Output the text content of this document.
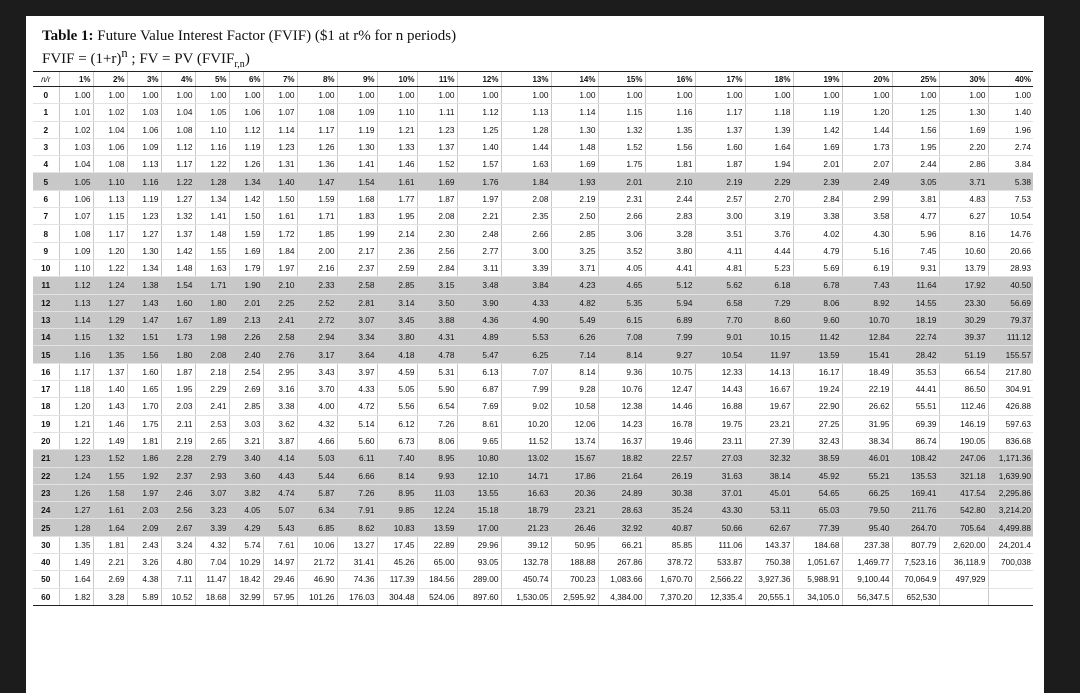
Table 1: Future Value Interest Factor (FVIF) ($1 at r% for n periods)
FVIF = $(1+r)^n$ ; FV = PV $(FVIF_{r,n})$
n/r	1%	2%	3%	4%	5%	6%	7%	8%	9%	10%	11%	12%	13%	14%	15%	16%	17%	18%	19%	20%	25%	30%	40%
0	1.00	1.00	1.00	1.00	1.00	1.00	1.00	1.00	1.00	1.00	1.00	1.00	1.00	1.00	1.00	1.00	1.00	1.00	1.00	1.00	1.00	1.00	1.00
1	1.01	1.02	1.03	1.04	1.05	1.06	1.07	1.08	1.09	1.10	1.11	1.12	1.13	1.14	1.15	1.16	1.17	1.18	1.19	1.20	1.25	1.30	1.40
2	1.02	1.04	1.06	1.08	1.10	1.12	1.14	1.17	1.19	1.21	1.23	1.25	1.28	1.30	1.32	1.35	1.37	1.39	1.42	1.44	1.56	1.69	1.96
3	1.03	1.06	1.09	1.12	1.16	1.19	1.23	1.26	1.30	1.33	1.37	1.40	1.44	1.48	1.52	1.56	1.60	1.64	1.69	1.73	1.95	2.20	2.74
4	1.04	1.08	1.13	1.17	1.22	1.26	1.31	1.36	1.41	1.46	1.52	1.57	1.63	1.69	1.75	1.81	1.87	1.94	2.01	2.07	2.44	2.86	3.84
5	1.05	1.10	1.16	1.22	1.28	1.34	1.40	1.47	1.54	1.61	1.69	1.76	1.84	1.93	2.01	2.10	2.19	2.29	2.39	2.49	3.05	3.71	5.38
6	1.06	1.13	1.19	1.27	1.34	1.42	1.50	1.59	1.68	1.77	1.87	1.97	2.08	2.19	2.31	2.44	2.57	2.70	2.84	2.99	3.81	4.83	7.53
7	1.07	1.15	1.23	1.32	1.41	1.50	1.61	1.71	1.83	1.95	2.08	2.21	2.35	2.50	2.66	2.83	3.00	3.19	3.38	3.58	4.77	6.27	10.54
8	1.08	1.17	1.27	1.37	1.48	1.59	1.72	1.85	1.99	2.14	2.30	2.48	2.66	2.85	3.06	3.28	3.51	3.76	4.02	4.30	5.96	8.16	14.76
9	1.09	1.20	1.30	1.42	1.55	1.69	1.84	2.00	2.17	2.36	2.56	2.77	3.00	3.25	3.52	3.80	4.11	4.44	4.79	5.16	7.45	10.60	20.66
10	1.10	1.22	1.34	1.48	1.63	1.79	1.97	2.16	2.37	2.59	2.84	3.11	3.39	3.71	4.05	4.41	4.81	5.23	5.69	6.19	9.31	13.79	28.93
11	1.12	1.24	1.38	1.54	1.71	1.90	2.10	2.33	2.58	2.85	3.15	3.48	3.84	4.23	4.65	5.12	5.62	6.18	6.78	7.43	11.64	17.92	40.50
12	1.13	1.27	1.43	1.60	1.80	2.01	2.25	2.52	2.81	3.14	3.50	3.90	4.33	4.82	5.35	5.94	6.58	7.29	8.06	8.92	14.55	23.30	56.69
13	1.14	1.29	1.47	1.67	1.89	2.13	2.41	2.72	3.07	3.45	3.88	4.36	4.90	5.49	6.15	6.89	7.70	8.60	9.60	10.70	18.19	30.29	79.37
14	1.15	1.32	1.51	1.73	1.98	2.26	2.58	2.94	3.34	3.80	4.31	4.89	5.53	6.26	7.08	7.99	9.01	10.15	11.42	12.84	22.74	39.37	111.12
15	1.16	1.35	1.56	1.80	2.08	2.40	2.76	3.17	3.64	4.18	4.78	5.47	6.25	7.14	8.14	9.27	10.54	11.97	13.59	15.41	28.42	51.19	155.57
16	1.17	1.37	1.60	1.87	2.18	2.54	2.95	3.43	3.97	4.59	5.31	6.13	7.07	8.14	9.36	10.75	12.33	14.13	16.17	18.49	35.53	66.54	217.80
17	1.18	1.40	1.65	1.95	2.29	2.69	3.16	3.70	4.33	5.05	5.90	6.87	7.99	9.28	10.76	12.47	14.43	16.67	19.24	22.19	44.41	86.50	304.91
18	1.20	1.43	1.70	2.03	2.41	2.85	3.38	4.00	4.72	5.56	6.54	7.69	9.02	10.58	12.38	14.46	16.88	19.67	22.90	26.62	55.51	112.46	426.88
19	1.21	1.46	1.75	2.11	2.53	3.03	3.62	4.32	5.14	6.12	7.26	8.61	10.20	12.06	14.23	16.78	19.75	23.21	27.25	31.95	69.39	146.19	597.63
20	1.22	1.49	1.81	2.19	2.65	3.21	3.87	4.66	5.60	6.73	8.06	9.65	11.52	13.74	16.37	19.46	23.11	27.39	32.43	38.34	86.74	190.05	836.68
21	1.23	1.52	1.86	2.28	2.79	3.40	4.14	5.03	6.11	7.40	8.95	10.80	13.02	15.67	18.82	22.57	27.03	32.32	38.59	46.01	108.42	247.06	1,171.36
22	1.24	1.55	1.92	2.37	2.93	3.60	4.43	5.44	6.66	8.14	9.93	12.10	14.71	17.86	21.64	26.19	31.63	38.14	45.92	55.21	135.53	321.18	1,639.90
23	1.26	1.58	1.97	2.46	3.07	3.82	4.74	5.87	7.26	8.95	11.03	13.55	16.63	20.36	24.89	30.38	37.01	45.01	54.65	66.25	169.41	417.54	2,295.86
24	1.27	1.61	2.03	2.56	3.23	4.05	5.07	6.34	7.91	9.85	12.24	15.18	18.79	23.21	28.63	35.24	43.30	53.11	65.03	79.50	211.76	542.80	3,214.20
25	1.28	1.64	2.09	2.67	3.39	4.29	5.43	6.85	8.62	10.83	13.59	17.00	21.23	26.46	32.92	40.87	50.66	62.67	77.39	95.40	264.70	705.64	4,499.88
30	1.35	1.81	2.43	3.24	4.32	5.74	7.61	10.06	13.27	17.45	22.89	29.96	39.12	50.95	66.21	85.85	111.06	143.37	184.68	237.38	807.79	2,620.00	24,201.4
40	1.49	2.21	3.26	4.80	7.04	10.29	14.97	21.72	31.41	45.26	65.00	93.05	132.78	188.88	267.86	378.72	533.87	750.38	1,051.67	1,469.77	7,523.16	36,118.9	700,038
50	1.64	2.69	4.38	7.11	11.47	18.42	29.46	46.90	74.36	117.39	184.56	289.00	450.74	700.23	1,083.66	1,670.70	2,566.22	3,927.36	5,988.91	9,100.44	70,064.9	497,929	
60	1.82	3.28	5.89	10.52	18.68	32.99	57.95	101.26	176.03	304.48	524.06	897.60	1,530.05	2,595.92	4,384.00	7,370.20	12,335.4	20,555.1	34,105.0	56,347.5	652,530		
